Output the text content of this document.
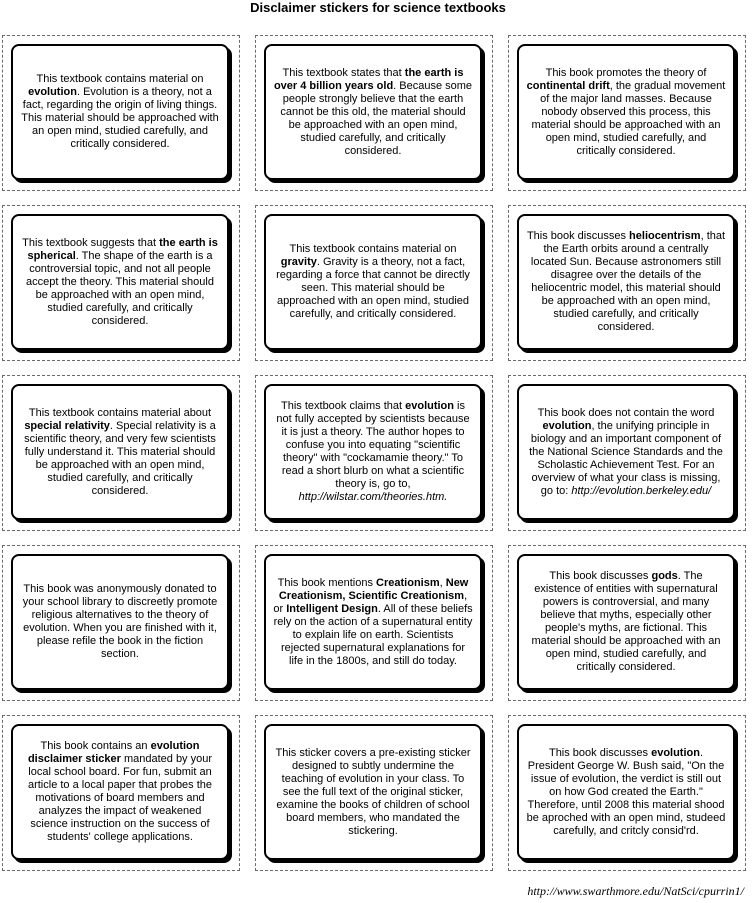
Disclaimer stickers for science textbooks
This textbook contains material on evolution. Evolution is a theory, not a fact, regarding the origin of living things. This material should be approached with an open mind, studied carefully, and critically considered.
This textbook states that the earth is over 4 billion years old. Because some people strongly believe that the earth cannot be this old, the material should be approached with an open mind, studied carefully, and critically considered.
This book promotes the theory of continental drift, the gradual movement of the major land masses. Because nobody observed this process, this material should be approached with an open mind, studied carefully, and critically considered.
This textbook suggests that the earth is spherical. The shape of the earth is a controversial topic, and not all people accept the theory. This material should be approached with an open mind, studied carefully, and critically considered.
This textbook contains material on gravity. Gravity is a theory, not a fact, regarding a force that cannot be directly seen. This material should be approached with an open mind, studied carefully, and critically considered.
This book discusses heliocentrism, that the Earth orbits around a centrally located Sun. Because astronomers still disagree over the details of the heliocentric model, this material should be approached with an open mind, studied carefully, and critically considered.
This textbook contains material about special relativity. Special relativity is a scientific theory, and very few scientists fully understand it. This material should be approached with an open mind, studied carefully, and critically considered.
This textbook claims that evolution is not fully accepted by scientists because it is just a theory. The author hopes to confuse you into equating "scientific theory" with "cockamamie theory." To read a short blurb on what a scientific theory is, go to, http://wilstar.com/theories.htm.
This book does not contain the word evolution, the unifying principle in biology and an important component of the National Science Standards and the Scholastic Achievement Test. For an overview of what your class is missing, go to: http://evolution.berkeley.edu/
This book was anonymously donated to your school library to discreetly promote religious alternatives to the theory of evolution. When you are finished with it, please refile the book in the fiction section.
This book mentions Creationism, New Creationism, Scientific Creationism, or Intelligent Design. All of these beliefs rely on the action of a supernatural entity to explain life on earth. Scientists rejected supernatural explanations for life in the 1800s, and still do today.
This book discusses gods. The existence of entities with supernatural powers is controversial, and many believe that myths, especially other people's myths, are fictional. This material should be approached with an open mind, studied carefully, and critically considered.
This book contains an evolution disclaimer sticker mandated by your local school board. For fun, submit an article to a local paper that probes the motivations of board members and analyzes the impact of weakened science instruction on the success of students' college applications.
This sticker covers a pre-existing sticker designed to subtly undermine the teaching of evolution in your class. To see the full text of the original sticker, examine the books of children of school board members, who mandated the stickering.
This book discusses evolution. President George W. Bush said, "On the issue of evolution, the verdict is still out on how God created the Earth." Therefore, until 2008 this material shood be aproched with an open mind, studeed carefully, and critcly consid'rd.
http://www.swarthmore.edu/NatSci/cpurrin1/
